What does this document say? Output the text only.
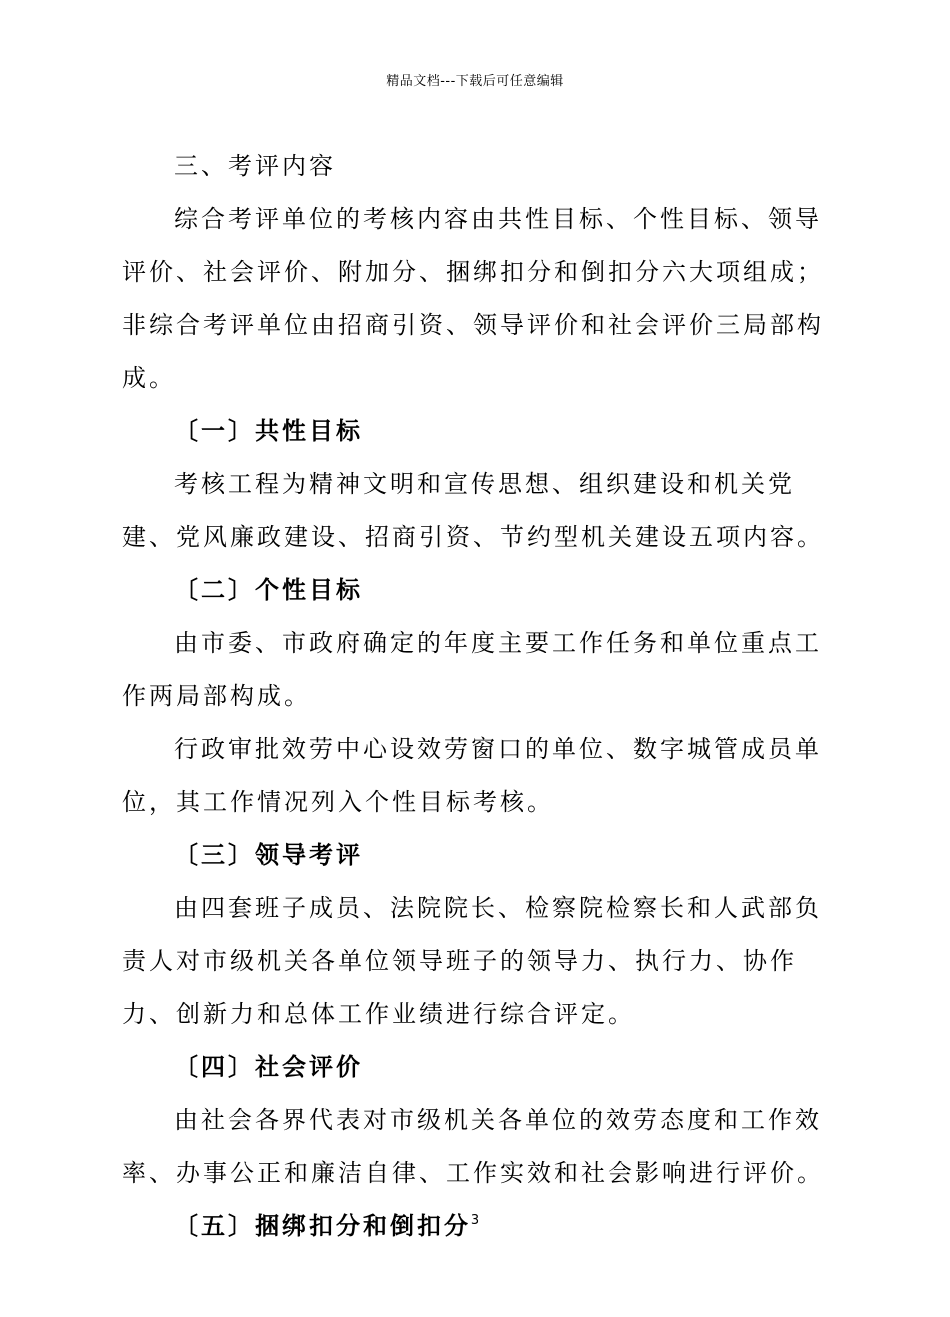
精品文档---下载后可任意编辑

三、考评内容

综合考评单位的考核内容由共性目标、个性目标、领导评价、社会评价、附加分、捆绑扣分和倒扣分六大项组成；非综合考评单位由招商引资、领导评价和社会评价三局部构成。

〔一〕共性目标

考核工程为精神文明和宣传思想、组织建设和机关党建、党风廉政建设、招商引资、节约型机关建设五项内容。

〔二〕个性目标

由市委、市政府确定的年度主要工作任务和单位重点工作两局部构成。

行政审批效劳中心设效劳窗口的单位、数字城管成员单位，其工作情况列入个性目标考核。

〔三〕领导考评

由四套班子成员、法院院长、检察院检察长和人武部负责人对市级机关各单位领导班子的领导力、执行力、协作力、创新力和总体工作业绩进行综合评定。

〔四〕社会评价

由社会各界代表对市级机关各单位的效劳态度和工作效率、办事公正和廉洁自律、工作实效和社会影响进行评价。

〔五〕捆绑扣分和倒扣分 3
